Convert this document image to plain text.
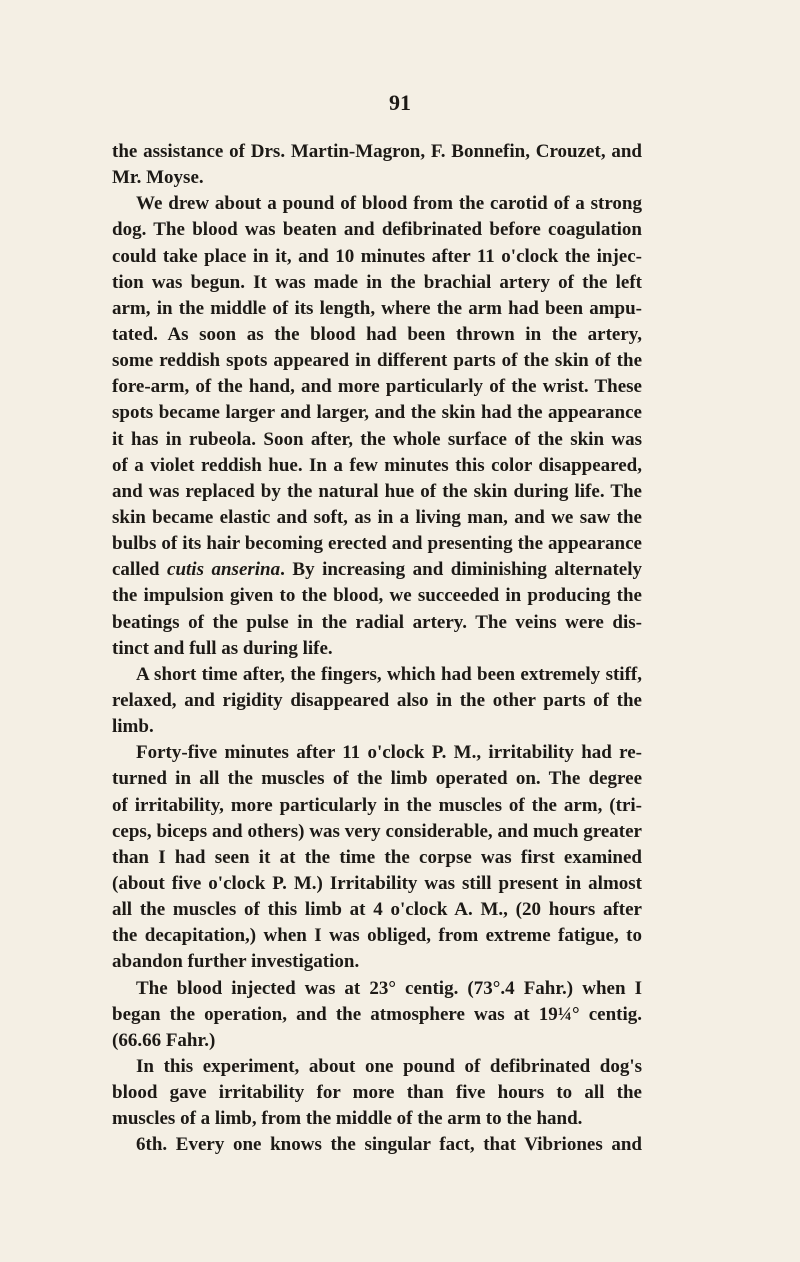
91
the assistance of Drs. Martin-Magron, F. Bonnefin, Crouzet, and
Mr. Moyse.
We drew about a pound of blood from the carotid of a strong
dog. The blood was beaten and defibrinated before coagulation
could take place in it, and 10 minutes after 11 o'clock the injec-
tion was begun. It was made in the brachial artery of the left
arm, in the middle of its length, where the arm had been ampu-
tated. As soon as the blood had been thrown in the artery,
some reddish spots appeared in different parts of the skin of the
fore-arm, of the hand, and more particularly of the wrist. These
spots became larger and larger, and the skin had the appearance
it has in rubeola. Soon after, the whole surface of the skin was
of a violet reddish hue. In a few minutes this color disappeared,
and was replaced by the natural hue of the skin during life. The
skin became elastic and soft, as in a living man, and we saw the
bulbs of its hair becoming erected and presenting the appearance
called cutis anserina. By increasing and diminishing alternately
the impulsion given to the blood, we succeeded in producing the
beatings of the pulse in the radial artery. The veins were dis-
tinct and full as during life.
A short time after, the fingers, which had been extremely stiff,
relaxed, and rigidity disappeared also in the other parts of the
limb.
Forty-five minutes after 11 o'clock P. M., irritability had re-
turned in all the muscles of the limb operated on. The degree
of irritability, more particularly in the muscles of the arm, (tri-
ceps, biceps and others) was very considerable, and much greater
than I had seen it at the time the corpse was first examined
(about five o'clock P. M.) Irritability was still present in almost
all the muscles of this limb at 4 o'clock A. M., (20 hours after
the decapitation,) when I was obliged, from extreme fatigue, to
abandon further investigation.
The blood injected was at 23° centig. (73°.4 Fahr.) when I
began the operation, and the atmosphere was at 19¼° centig.
(66.66 Fahr.)
In this experiment, about one pound of defibrinated dog's
blood gave irritability for more than five hours to all the
muscles of a limb, from the middle of the arm to the hand.
6th. Every one knows the singular fact, that Vibriones and
